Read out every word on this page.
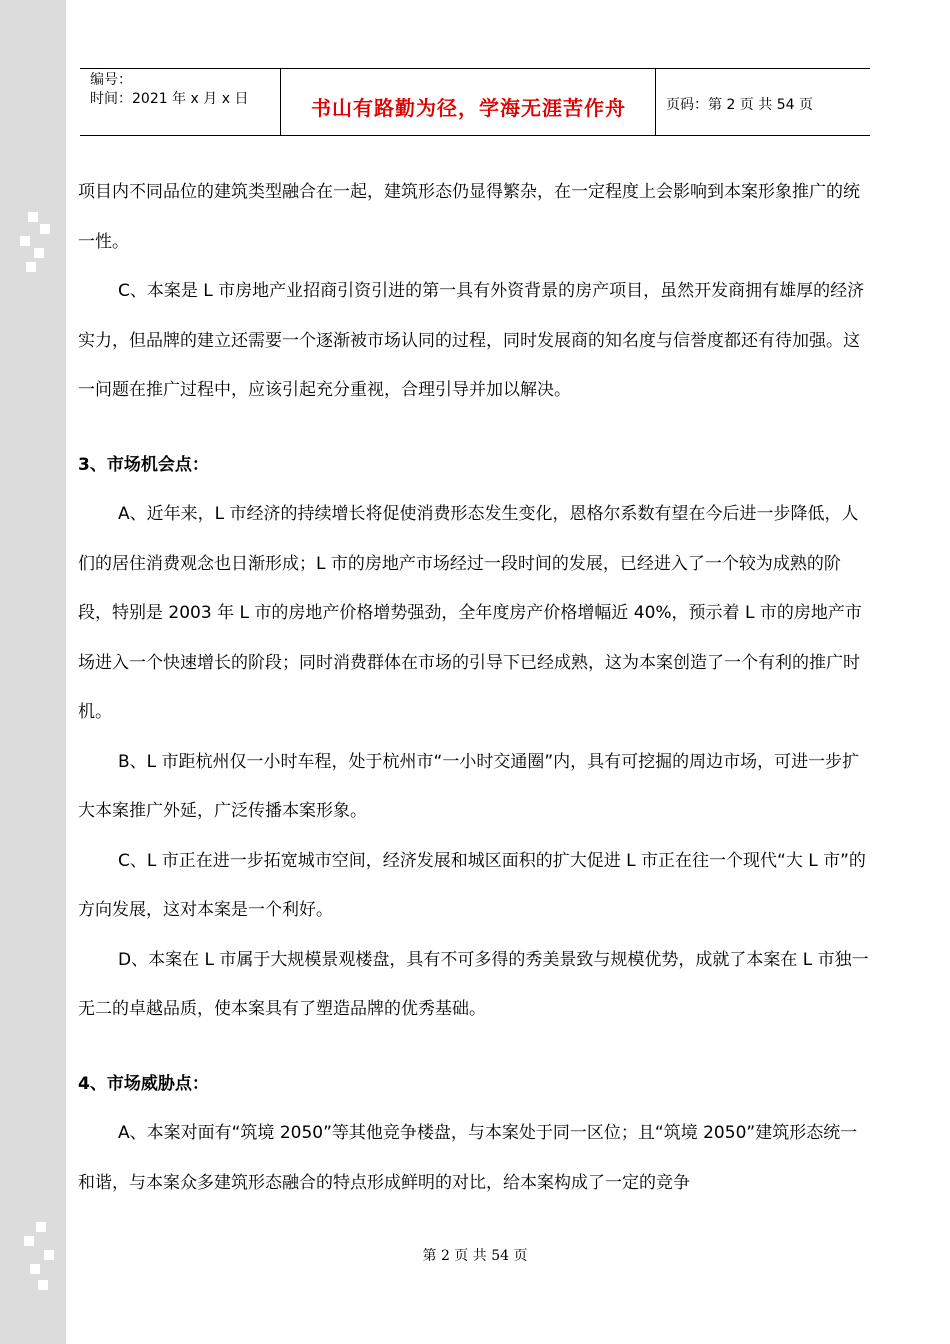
编号：
时间：2021 年 x 月 x 日	书山有路勤为径，学海无涯苦作舟	页码：第 2 页 共 54 页

项目内不同品位的建筑类型融合在一起，建筑形态仍显得繁杂，在一定程度上会影响到本案形象推广的统一性。

C、本案是 L 市房地产业招商引资引进的第一具有外资背景的房产项目，虽然开发商拥有雄厚的经济实力，但品牌的建立还需要一个逐渐被市场认同的过程，同时发展商的知名度与信誉度都还有待加强。这一问题在推广过程中，应该引起充分重视，合理引导并加以解决。

3、市场机会点：

A、近年来，L 市经济的持续增长将促使消费形态发生变化，恩格尔系数有望在今后进一步降低，人们的居住消费观念也日渐形成；L 市的房地产市场经过一段时间的发展，已经进入了一个较为成熟的阶段，特别是 2003 年 L 市的房地产价格增势强劲，全年度房产价格增幅近 40%，预示着 L 市的房地产市场进入一个快速增长的阶段；同时消费群体在市场的引导下已经成熟，这为本案创造了一个有利的推广时机。

B、L 市距杭州仅一小时车程，处于杭州市“一小时交通圈”内，具有可挖掘的周边市场，可进一步扩大本案推广外延，广泛传播本案形象。

C、L 市正在进一步拓宽城市空间，经济发展和城区面积的扩大促进 L 市正在往一个现代“大 L 市”的方向发展，这对本案是一个利好。

D、本案在 L 市属于大规模景观楼盘，具有不可多得的秀美景致与规模优势，成就了本案在 L 市独一无二的卓越品质，使本案具有了塑造品牌的优秀基础。

4、市场威胁点：

A、本案对面有“筑境 2050”等其他竞争楼盘，与本案处于同一区位；且“筑境 2050”建筑形态统一和谐，与本案众多建筑形态融合的特点形成鲜明的对比，给本案构成了一定的竞争

第 2 页 共 54 页
